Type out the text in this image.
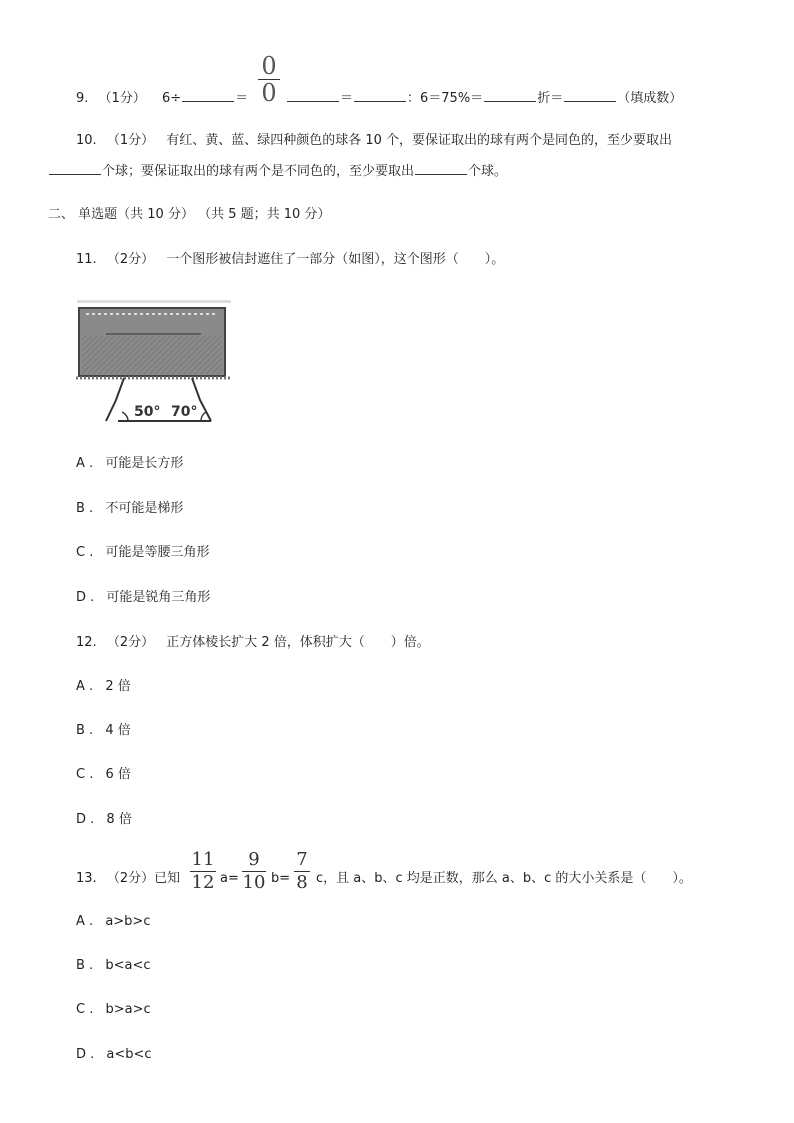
9. （1分） 6÷	＝
0
0	＝	：6＝75%＝	折＝	（填成数）
10. （1分） 有红、黄、蓝、绿四种颜色的球各 10 个，要保证取出的球有两个是同色的，至少要取出
个球；要保证取出的球有两个是不同色的，至少要取出	个球。
二、 单选题（共 10 分） （共 5 题；共 10 分）
11. （2分） 一个图形被信封遮住了一部分（如图），这个图形（　　）。
50° 70°
A . 可能是长方形
B . 不可能是梯形
C . 可能是等腰三角形
D . 可能是锐角三角形
12. （2分） 正方体棱长扩大 2 倍，体积扩大（　　）倍。
A . 2 倍
B . 4 倍
C . 6 倍
D . 8 倍
13. （2分）已知
11
12 a=
9
10 b=
7
8 c，且 a、b、c 均是正数，那么 a、b、c 的大小关系是（　　）。
A . a>b>c
B . b<a<c
C . b>a>c
D . a<b<c
